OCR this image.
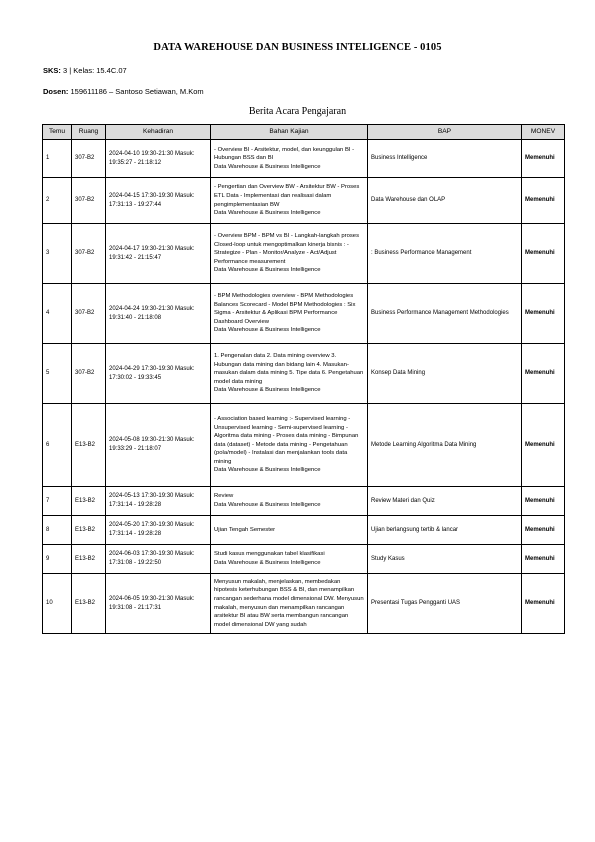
DATA WAREHOUSE DAN BUSINESS INTELIGENCE - 0105
SKS: 3 | Kelas: 15.4C.07
Dosen: 159611186 – Santoso Setiawan, M.Kom
Berita Acara Pengajaran
Temu	Ruang	Kehadiran	Bahan Kajian	BAP	MONEV
1	307-B2	2024-04-10 19:30-21:30 Masuk: 19:35:27 - 21:18:12	- Overview BI - Arsitektur, model, dan keunggulan BI - Hubungan BSS dan BI
Data Warehouse & Business Intelligence	Business Intelligence	Memenuhi
2	307-B2	2024-04-15 17:30-19:30 Masuk: 17:31:13 - 19:27:44	- Pengertian dan Overview BW - Arsitektur BW - Proses ETL Data - Implementasi dan realisasi dalam pengimplementasian BW
Data Warehouse & Business Intelligence	Data Warehouse dan OLAP	Memenuhi
3	307-B2	2024-04-17 19:30-21:30 Masuk: 19:31:42 - 21:15:47	- Overview BPM - BPM vs BI - Langkah-langkah proses Closed-loop untuk mengoptimalkan kinerja bisnis : - Strategize - Plan - Monitor/Analyze - Act/Adjust Performance measurement
Data Warehouse & Business Intelligence	: Business Performance Management	Memenuhi
4	307-B2	2024-04-24 19:30-21:30 Masuk: 19:31:40 - 21:18:08	- BPM Methodologies overview - BPM Methodologies Balances Scorecard - Model BPM Methodologies : Six Sigma - Arsitektur & Aplikasi BPM Performance Dashboard Overview
Data Warehouse & Business Intelligence	Business Performance Management Methodologies	Memenuhi
5	307-B2	2024-04-29 17:30-19:30 Masuk: 17:30:02 - 19:33:45	1. Pengenalan data 2. Data mining overview 3. Hubungan data mining dan bidang lain 4. Masukan-masukan dalam data mining 5. Tipe data 6. Pengetahuan model data mining
Data Warehouse & Business Intelligence	Konsep Data Mining	Memenuhi
6	E13-B2	2024-05-08 19:30-21:30 Masuk: 19:33:29 - 21:18:07	- Association based learning :- Supervised learning - Unsupervised learning - Semi-supervised learning - Algoritma data mining - Proses data mining - Bimpunan data (dataset) - Metode data mining - Pengetahuan (pola/model) - Instalasi dan menjalankan tools data mining
Data Warehouse & Business Intelligence	Metode Learning Algoritma Data Mining	Memenuhi
7	E13-B2	2024-05-13 17:30-19:30 Masuk: 17:31:14 - 19:28:28	Review
Data Warehouse & Business Intelligence	Review Materi dan Quiz	Memenuhi
8	E13-B2	2024-05-20 17:30-19:30 Masuk: 17:31:14 - 19:28:28	Ujian Tengah Semester	Ujian berlangsung tertib & lancar	Memenuhi
9	E13-B2	2024-06-03 17:30-19:30 Masuk: 17:31:08 - 19:22:50	Studi kasus menggunakan tabel klasifikasi
Data Warehouse & Business Intelligence	Study Kasus	Memenuhi
10	E13-B2	2024-06-05 19:30-21:30 Masuk: 19:31:08 - 21:17:31	Menyusun makalah, menjelaskan, membedakan hipotesis keterhubungan BSS & BI, dan menampilkan rancangan sederhana model dimensional DW. Menyusun makalah, menyusun dan menampilkan rancangan arsitektur BI atau BW serta membangun rancangan model dimensional DW yang sudah	Presentasi Tugas Pengganti UAS	Memenuhi
